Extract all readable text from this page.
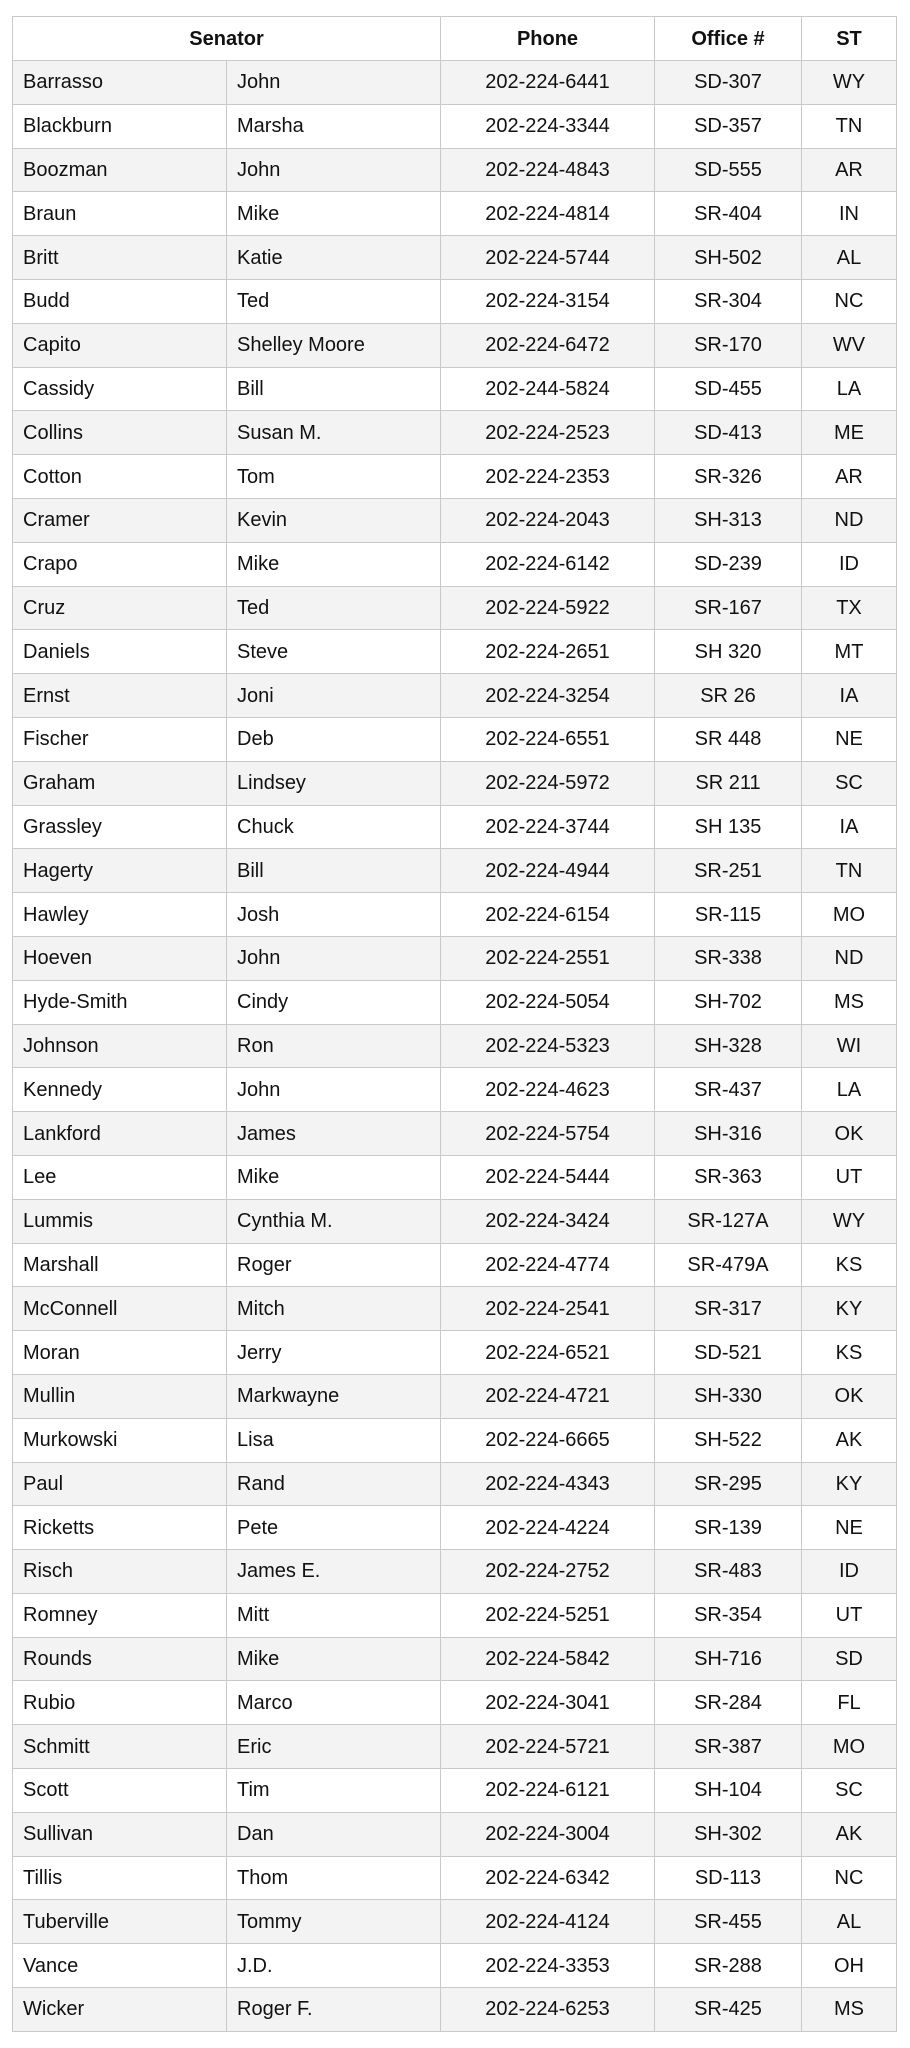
Senator		Phone	Office #	ST
Barrasso	John	202-224-6441	SD-307	WY
Blackburn	Marsha	202-224-3344	SD-357	TN
Boozman	John	202-224-4843	SD-555	AR
Braun	Mike	202-224-4814	SR-404	IN
Britt	Katie	202-224-5744	SH-502	AL
Budd	Ted	202-224-3154	SR-304	NC
Capito	Shelley Moore	202-224-6472	SR-170	WV
Cassidy	Bill	202-244-5824	SD-455	LA
Collins	Susan M.	202-224-2523	SD-413	ME
Cotton	Tom	202-224-2353	SR-326	AR
Cramer	Kevin	202-224-2043	SH-313	ND
Crapo	Mike	202-224-6142	SD-239	ID
Cruz	Ted	202-224-5922	SR-167	TX
Daniels	Steve	202-224-2651	SH 320	MT
Ernst	Joni	202-224-3254	SR 26	IA
Fischer	Deb	202-224-6551	SR 448	NE
Graham	Lindsey	202-224-5972	SR 211	SC
Grassley	Chuck	202-224-3744	SH 135	IA
Hagerty	Bill	202-224-4944	SR-251	TN
Hawley	Josh	202-224-6154	SR-115	MO
Hoeven	John	202-224-2551	SR-338	ND
Hyde-Smith	Cindy	202-224-5054	SH-702	MS
Johnson	Ron	202-224-5323	SH-328	WI
Kennedy	John	202-224-4623	SR-437	LA
Lankford	James	202-224-5754	SH-316	OK
Lee	Mike	202-224-5444	SR-363	UT
Lummis	Cynthia M.	202-224-3424	SR-127A	WY
Marshall	Roger	202-224-4774	SR-479A	KS
McConnell	Mitch	202-224-2541	SR-317	KY
Moran	Jerry	202-224-6521	SD-521	KS
Mullin	Markwayne	202-224-4721	SH-330	OK
Murkowski	Lisa	202-224-6665	SH-522	AK
Paul	Rand	202-224-4343	SR-295	KY
Ricketts	Pete	202-224-4224	SR-139	NE
Risch	James E.	202-224-2752	SR-483	ID
Romney	Mitt	202-224-5251	SR-354	UT
Rounds	Mike	202-224-5842	SH-716	SD
Rubio	Marco	202-224-3041	SR-284	FL
Schmitt	Eric	202-224-5721	SR-387	MO
Scott	Tim	202-224-6121	SH-104	SC
Sullivan	Dan	202-224-3004	SH-302	AK
Tillis	Thom	202-224-6342	SD-113	NC
Tuberville	Tommy	202-224-4124	SR-455	AL
Vance	J.D.	202-224-3353	SR-288	OH
Wicker	Roger F.	202-224-6253	SR-425	MS
